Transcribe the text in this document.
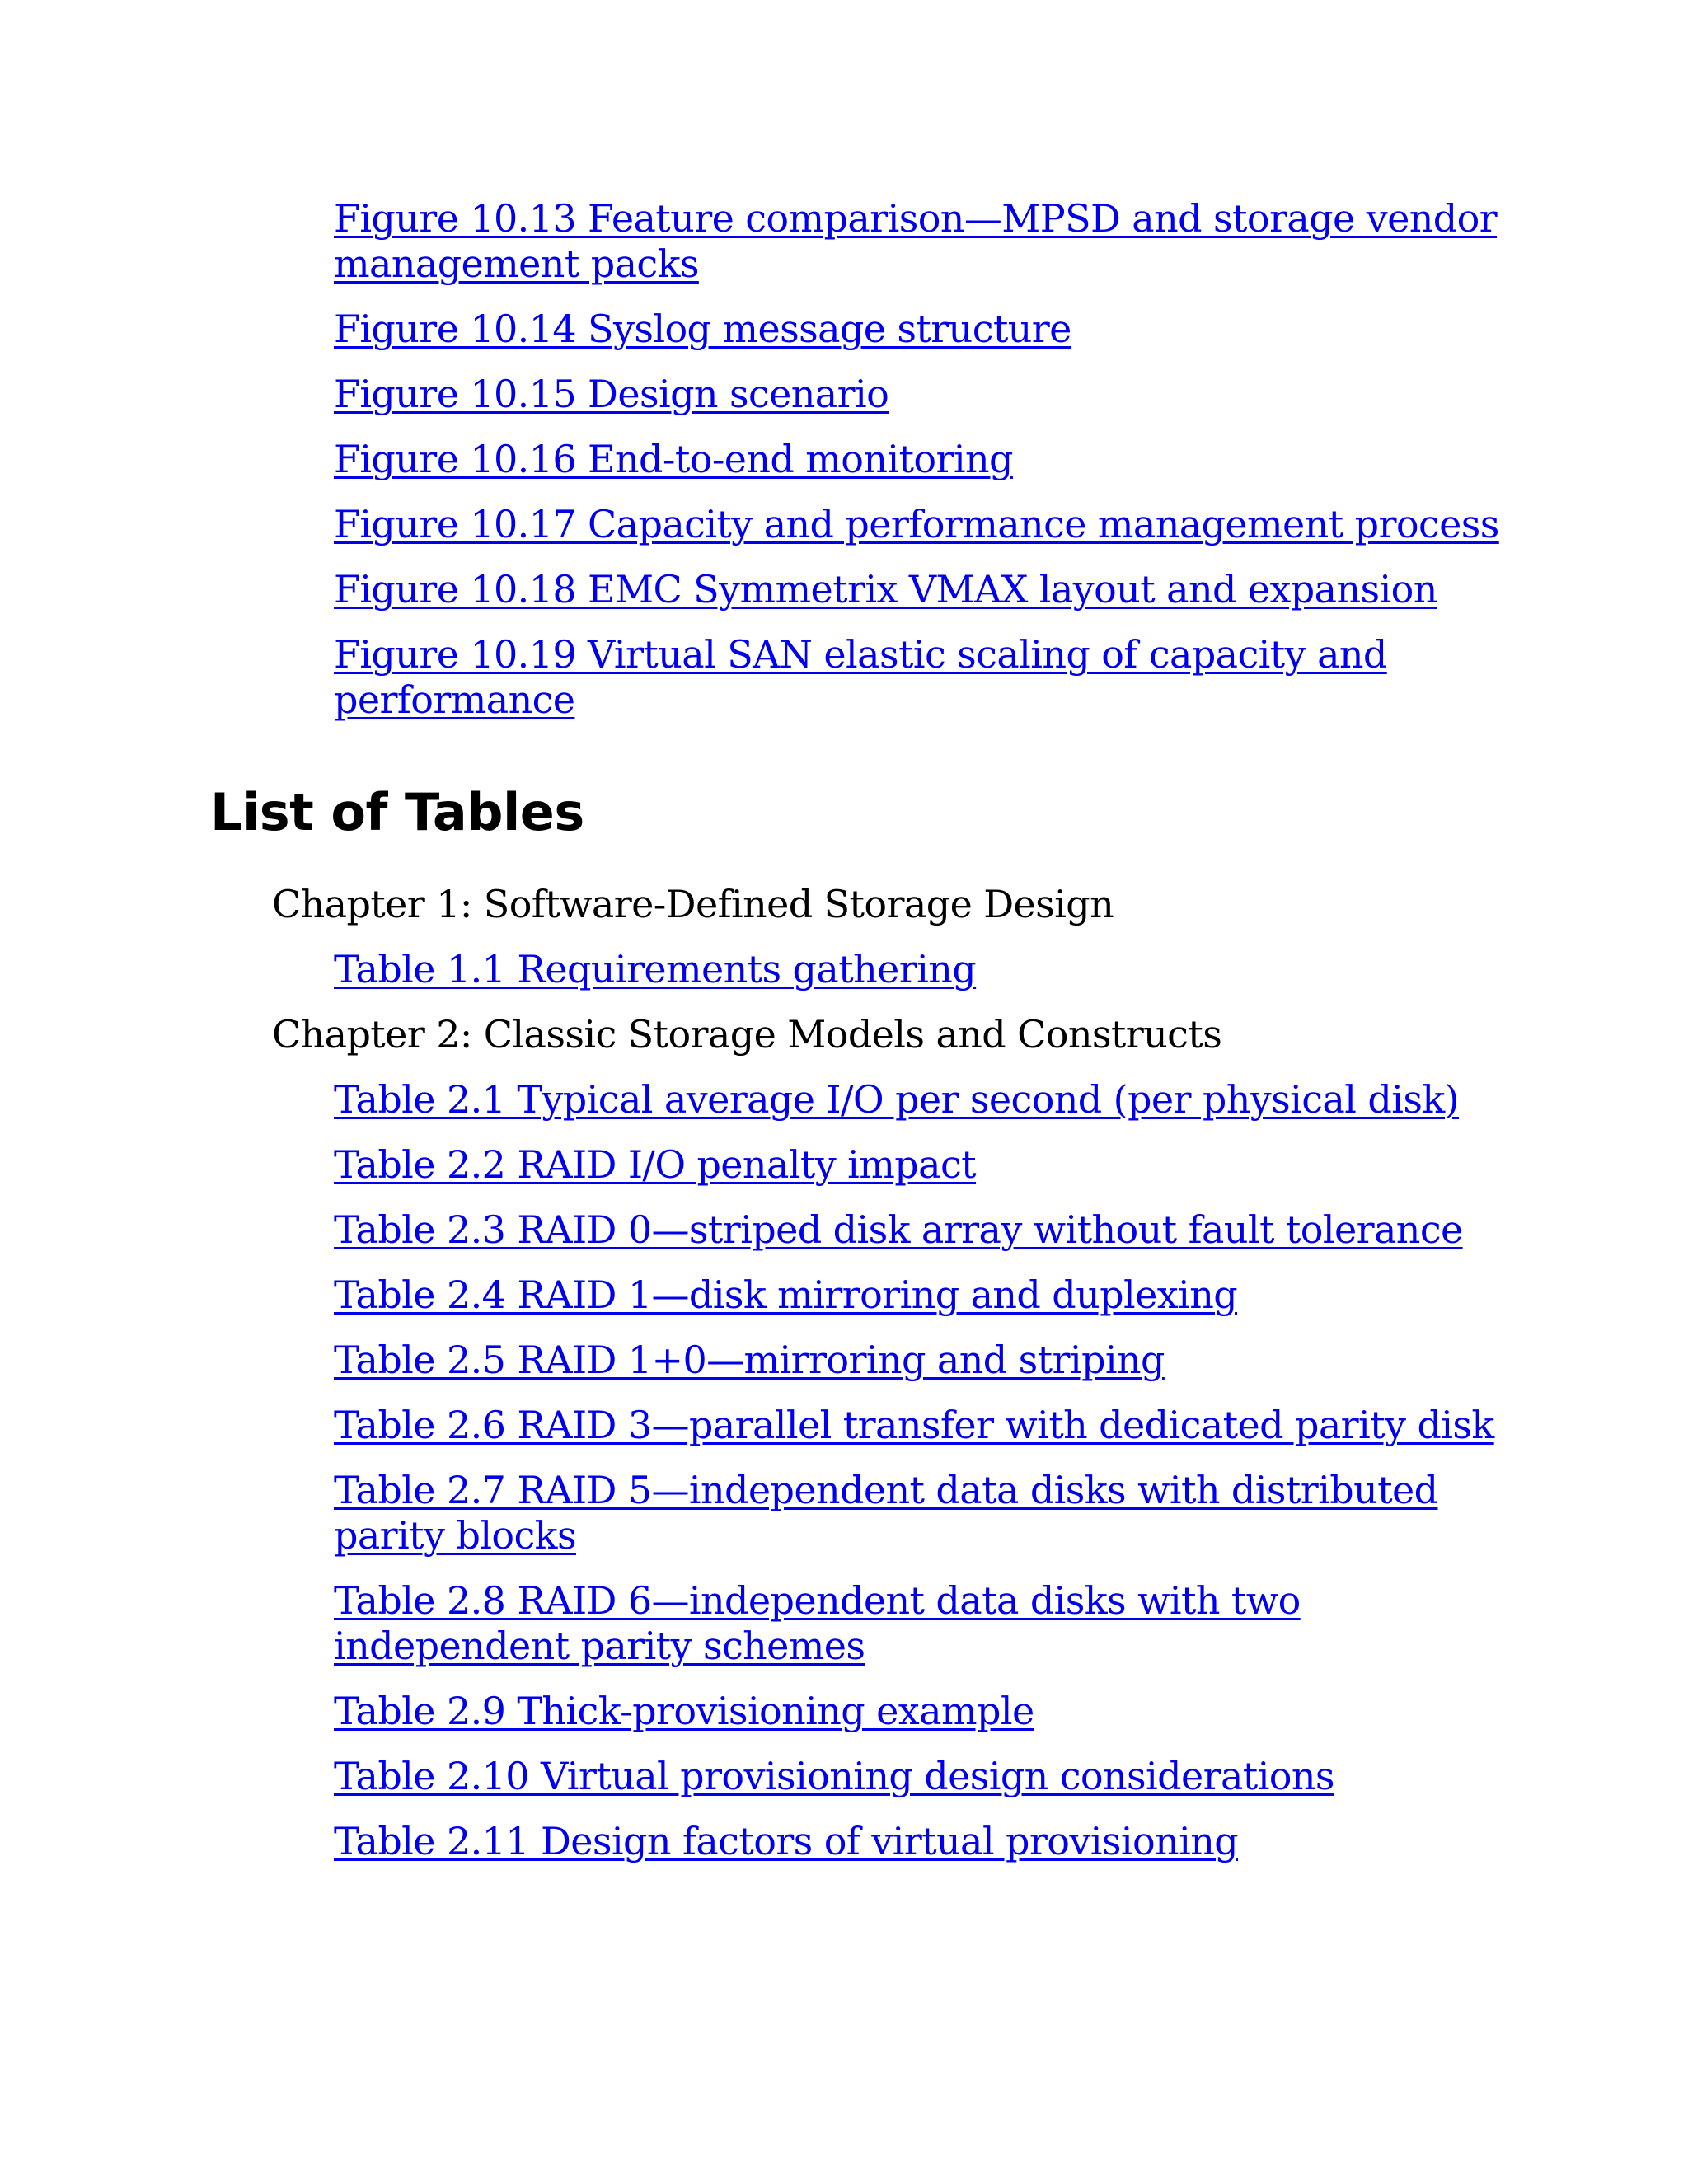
Figure 10.13 Feature comparison—MPSD and storage vendor management packs
Figure 10.14 Syslog message structure
Figure 10.15 Design scenario
Figure 10.16 End-to-end monitoring
Figure 10.17 Capacity and performance management process
Figure 10.18 EMC Symmetrix VMAX layout and expansion
Figure 10.19 Virtual SAN elastic scaling of capacity and performance
List of Tables
Chapter 1: Software-Defined Storage Design
Table 1.1 Requirements gathering
Chapter 2: Classic Storage Models and Constructs
Table 2.1 Typical average I/O per second (per physical disk)
Table 2.2 RAID I/O penalty impact
Table 2.3 RAID 0—striped disk array without fault tolerance
Table 2.4 RAID 1—disk mirroring and duplexing
Table 2.5 RAID 1+0—mirroring and striping
Table 2.6 RAID 3—parallel transfer with dedicated parity disk
Table 2.7 RAID 5—independent data disks with distributed parity blocks
Table 2.8 RAID 6—independent data disks with two independent parity schemes
Table 2.9 Thick-provisioning example
Table 2.10 Virtual provisioning design considerations
Table 2.11 Design factors of virtual provisioning
